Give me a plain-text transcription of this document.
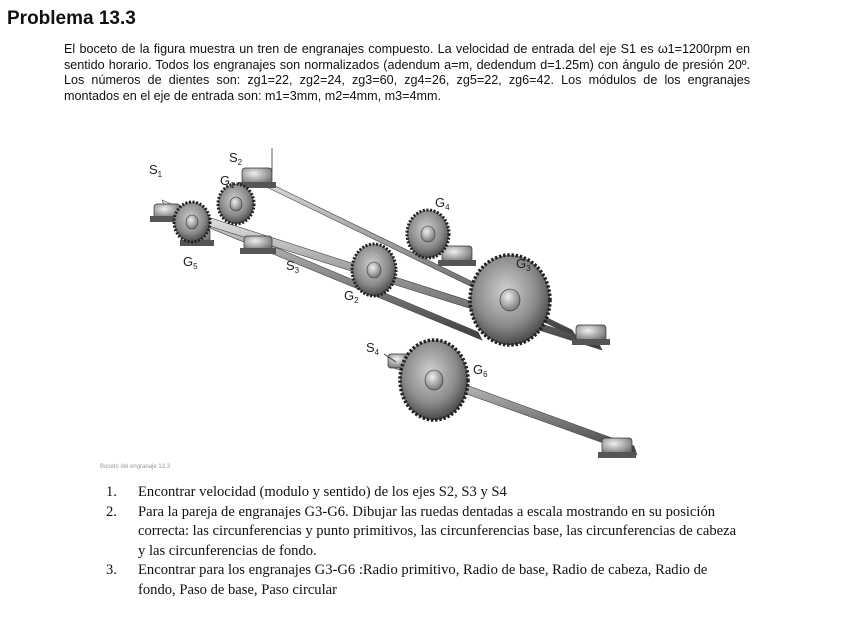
Problema 13.3
El boceto de la figura muestra un tren de engranajes compuesto. La velocidad de entrada del eje S1 es ω1=1200rpm en sentido horario. Todos los engranajes son normalizados (adendum a=m, dedendum d=1.25m) con ángulo de presión 20º. Los números de dientes son: zg1=22, zg2=24, zg3=60, zg4=26, zg5=22, zg6=42. Los módulos de los engranajes montados en el eje de entrada son: m1=3mm, m2=4mm, m3=4mm.
$S_1$
$S_2$
$G_1$
$G_4$
$G_5$	$S_3$	$G_3$
$G_2$
$S_4$
$G_6$
Boceto del engranaje 13.3
1. Encontrar velocidad (modulo y sentido) de los ejes S2, S3 y S4
2. Para la pareja de engranajes G3-G6. Dibujar las ruedas dentadas a escala mostrando en su posición correcta: las circunferencias y punto primitivos, las circunferencias base, las circunferencias de cabeza y las circunferencias de fondo.
3. Encontrar para los engranajes G3-G6 :Radio primitivo, Radio de base, Radio de cabeza, Radio de fondo, Paso de base, Paso circular
